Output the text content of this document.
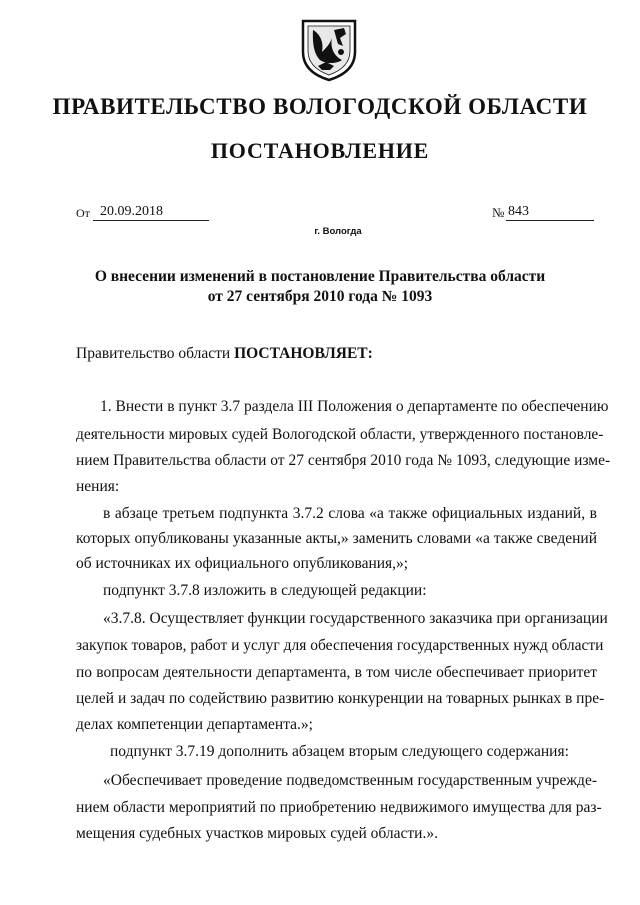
ПРАВИТЕЛЬСТВО ВОЛОГОДСКОЙ ОБЛАСТИ
ПОСТАНОВЛЕНИЕ
От 20.09.2018	№ 843
г. Вологда
О внесении изменений в постановление Правительства области
от 27 сентября 2010 года № 1093
Правительство области ПОСТАНОВЛЯЕТ:
1. Внести в пункт 3.7 раздела III Положения о департаменте по обеспечению
деятельности мировых судей Вологодской области, утвержденного постановле-
нием Правительства области от 27 сентября 2010 года № 1093, следующие изме-
нения:
в абзаце третьем подпункта 3.7.2 слова «а также официальных изданий, в
которых опубликованы указанные акты,» заменить словами «а также сведений
об источниках их официального опубликования,»;
подпункт 3.7.8 изложить в следующей редакции:
«3.7.8. Осуществляет функции государственного заказчика при организации
закупок товаров, работ и услуг для обеспечения государственных нужд области
по вопросам деятельности департамента, в том числе обеспечивает приоритет
целей и задач по содействию развитию конкуренции на товарных рынках в пре-
делах компетенции департамента.»;
подпункт 3.7.19 дополнить абзацем вторым следующего содержания:
«Обеспечивает проведение подведомственным государственным учрежде-
нием области мероприятий по приобретению недвижимого имущества для раз-
мещения судебных участков мировых судей области.».
